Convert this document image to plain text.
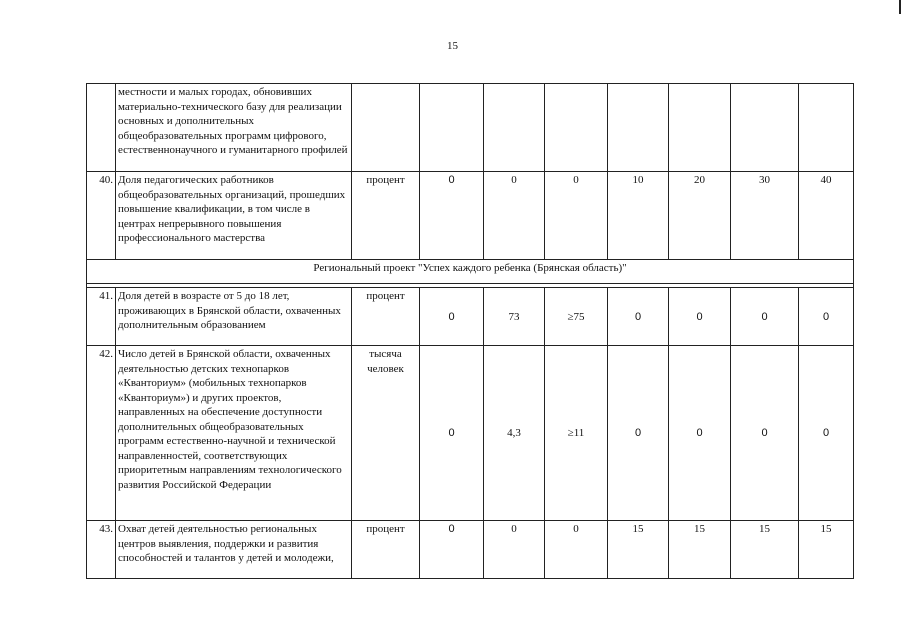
15
	местности и малых городах, обновивших материально-технического базу для реализации основных и дополнительных общеобразовательных программ цифрового, естественнонаучного и гуманитарного профилей								
40.	Доля педагогических работников общеобразовательных организаций, прошедших повышение квалификации, в том числе в центрах непрерывного повышения профессионального мастерства	процент	0	0	0	10	20	30	40
Региональный проект "Успех каждого ребенка (Брянская область)"									

41.	Доля детей в возрасте от 5 до 18 лет, проживающих в Брянской области, охваченных дополнительным образованием	процент	0	73	≥75	0	0	0	0
42.	Число детей в Брянской области, охваченных деятельностью детских технопарков «Кванториум» (мобильных технопарков «Кванториум») и других проектов, направленных на обеспечение доступности дополнительных общеобразовательных программ естественно-научной и технической направленностей, соответствующих приоритетным направлениям технологического развития Российской Федерации	тысяча человек	0	4,3	≥11	0	0	0	0
43.	Охват детей деятельностью региональных центров выявления, поддержки и развития способностей и талантов у детей и молодежи,	процент	0	0	0	15	15	15	15
